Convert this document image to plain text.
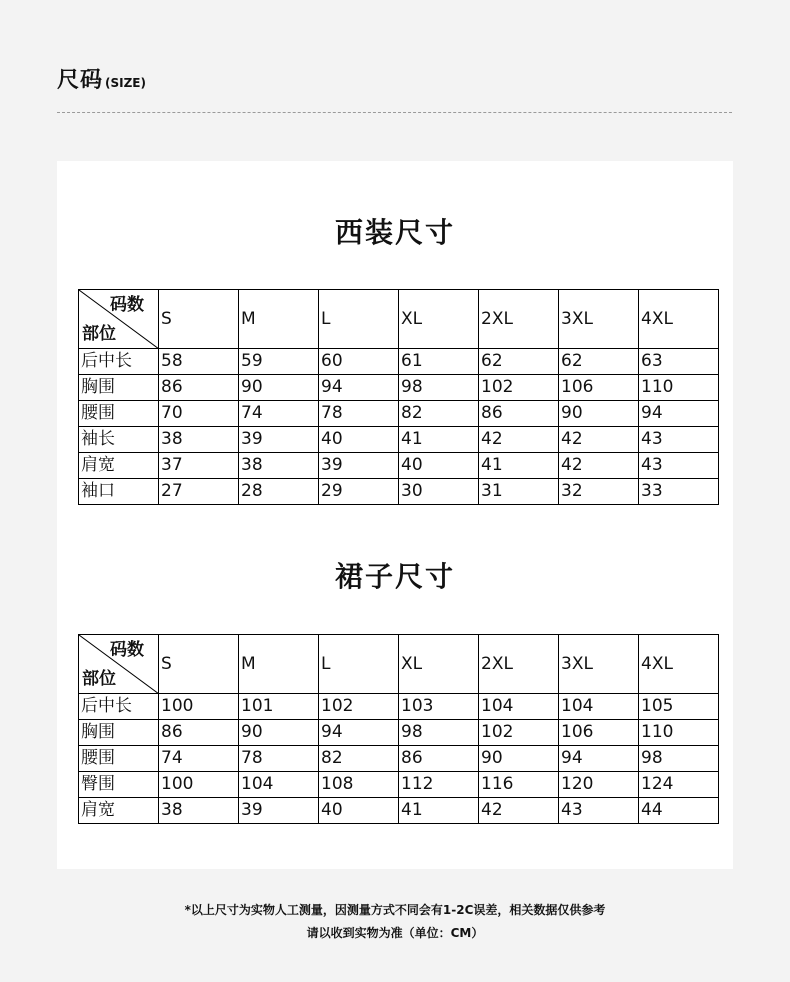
尺码 (SIZE)
西装尺寸
码数
部位	S	M	L	XL	2XL	3XL	4XL
后中长	58	59	60	61	62	62	63
胸围	86	90	94	98	102	106	110
腰围	70	74	78	82	86	90	94
袖长	38	39	40	41	42	42	43
肩宽	37	38	39	40	41	42	43
袖口	27	28	29	30	31	32	33
裙子尺寸
码数
部位	S	M	L	XL	2XL	3XL	4XL
后中长	100	101	102	103	104	104	105
胸围	86	90	94	98	102	106	110
腰围	74	78	82	86	90	94	98
臀围	100	104	108	112	116	120	124
肩宽	38	39	40	41	42	43	44
*以上尺寸为实物人工测量，因测量方式不同会有1-2C误差，相关数据仅供参考
请以收到实物为准（单位：CM）
